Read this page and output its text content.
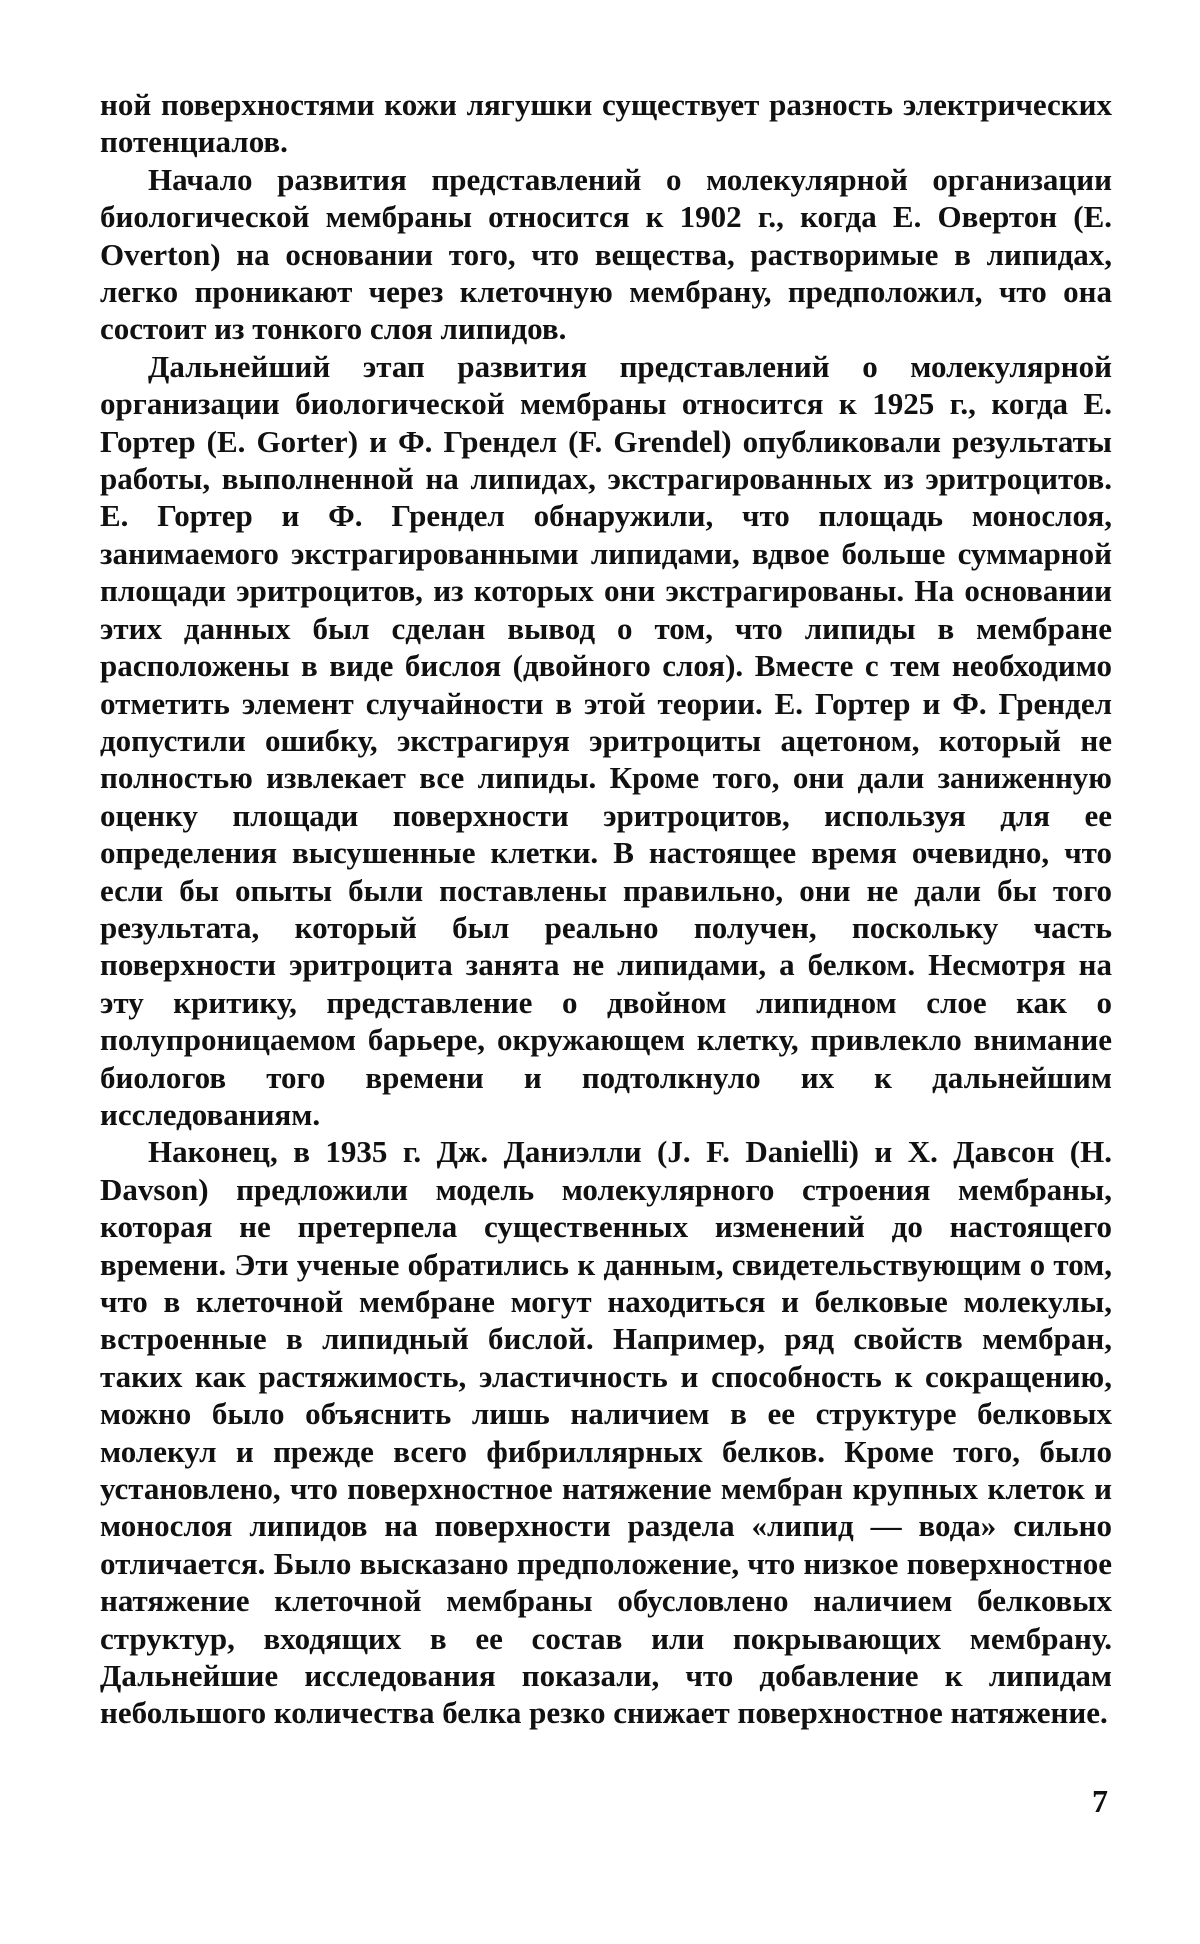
ной поверхностями кожи лягушки существует разность электрических потенциалов.

Начало развития представлений о молекулярной организации биологической мембраны относится к 1902 г., когда Е. Овертон (E. Overton) на основании того, что вещества, растворимые в липидах, легко проникают через клеточную мембрану, предположил, что она состоит из тонкого слоя липидов.

Дальнейший этап развития представлений о молекулярной организации биологической мембраны относится к 1925 г., когда Е. Гортер (E. Gorter) и Ф. Грендел (F. Grendel) опубликовали результаты работы, выполненной на липидах, экстрагированных из эритроцитов. Е. Гортер и Ф. Грендел обнаружили, что площадь монослоя, занимаемого экстрагированными липидами, вдвое больше суммарной площади эритроцитов, из которых они экстрагированы. На основании этих данных был сделан вывод о том, что липиды в мембране расположены в виде бислоя (двойного слоя). Вместе с тем необходимо отметить элемент случайности в этой теории. Е. Гортер и Ф. Грендел допустили ошибку, экстрагируя эритроциты ацетоном, который не полностью извлекает все липиды. Кроме того, они дали заниженную оценку площади поверхности эритроцитов, используя для ее определения высушенные клетки. В настоящее время очевидно, что если бы опыты были поставлены правильно, они не дали бы того результата, который был реально получен, поскольку часть поверхности эритроцита занята не липидами, а белком. Несмотря на эту критику, представление о двойном липидном слое как о полупроницаемом барьере, окружающем клетку, привлекло внимание биологов того времени и подтолкнуло их к дальнейшим исследованиям.

Наконец, в 1935 г. Дж. Даниэлли (J. F. Danielli) и Х. Давсон (H. Davson) предложили модель молекулярного строения мембраны, которая не претерпела существенных изменений до настоящего времени. Эти ученые обратились к данным, свидетельствующим о том, что в клеточной мембране могут находиться и белковые молекулы, встроенные в липидный бислой. Например, ряд свойств мембран, таких как растяжимость, эластичность и способность к сокращению, можно было объяснить лишь наличием в ее структуре белковых молекул и прежде всего фибриллярных белков. Кроме того, было установлено, что поверхностное натяжение мембран крупных клеток и монослоя липидов на поверхности раздела «липид — вода» сильно отличается. Было высказано предположение, что низкое поверхностное натяжение клеточной мембраны обусловлено наличием белковых структур, входящих в ее состав или покрывающих мембрану. Дальнейшие исследования показали, что добавление к липидам небольшого количества белка резко снижает поверхностное натяжение.

7
